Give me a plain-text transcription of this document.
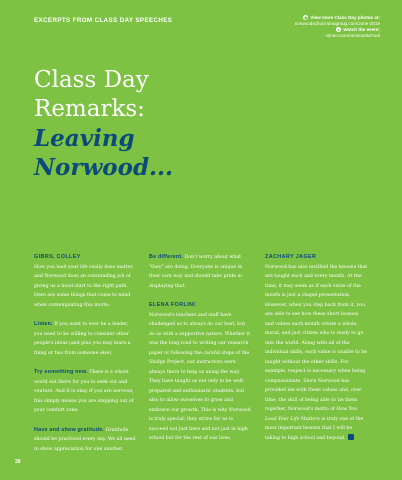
EXCERPTS FROM CLASS DAY SPEECHES	◉ View more Class Day photos at:
norwoodschool.smugmug.com/June-2019
▸ Watch the event:
vimeo.com/norwoodschool
Class Day
Remarks:
Leaving
Norwood...
GIBRIL COLLEY

How you lead your life really does matter, and Norwood does an outstanding job of giving us a head start to the right path. Here are some things that come to mind when contemplating this motto:

Listen. If you want to ever be a leader, you need to be willing to consider other people's ideas (and plus you may learn a thing or two from someone else).

Try something new. There is a whole world out there for you to seek out and venture. And it is okay if you are nervous; this simply means you are stepping out of your comfort zone.

Have and show gratitude. Gratitude should be practiced every day. We all need to show appreciation for one another.

Be different. Don't worry about what "they" are doing. Everyone is unique in their own way and should take pride in displaying that.

ELENA FORLINI

Norwood's teachers and staff have challenged us to always do our best, but do so with a supportive nature. Whether it was the long road to writing our research paper or following the careful steps of the Sludge Project, our instructors were always there to help us along the way. They have taught us not only to be well-prepared and enthusiastic students, but also to allow ourselves to grow and embrace our growth. This is why Norwood is truly special; they strive for us to succeed not just here and not just in high school but for the rest of our lives.

ZACHARY JAGER

Norwood has also instilled the lessons that are taught each and every month. At the time, it may seem as if each value of the month is just a chapel presentation. However, when you step back from it, you are able to see how these short lessons and values each month create a whole, moral, and just citizen who is ready to go into the world. Along with all of the individual skills, each value is unable to be taught without the other skills. For example, respect is necessary when being compassionate. Since Norwood has provided me with these values and, over time, the skill of being able to tie them together, Norwood's motto of How You Lead Your Life Matters is truly one of the most important lessons that I will be taking to high school and beyond.

28
